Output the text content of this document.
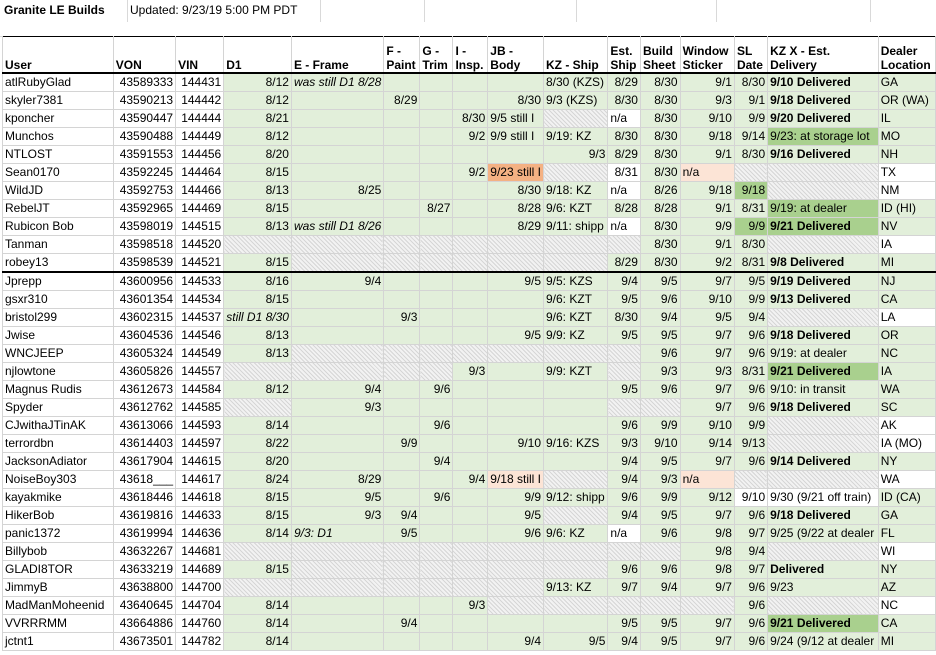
Granite LE Builds Updated: 9/23/19 5:00 PM PDT
User	VON	VIN	D1	E - Frame	F - Paint	G - Trim	I - Insp.	JB - Body	KZ - Ship	Est. Ship	Build Sheet	Window Sticker	SL Date	KZ X - Est. Delivery	Dealer Location
atlRubyGlad	43589333	144431	8/12	was still D1 8/28					8/30 (KZS)	8/29	8/30	9/1	8/30	9/10 Delivered	GA
skyler7381	43590213	144442	8/12		8/29			8/30	9/3 (KZS)	8/30	8/30	9/3	9/1	9/18 Delivered	OR (WA)
kponcher	43590447	144444	8/21				8/30	9/5 still I		n/a	8/30	9/10	9/9	9/20 Delivered	IL
Munchos	43590488	144449	8/12				9/2	9/9 still I	9/19: KZ	8/30	8/30	9/18	9/14	9/23: at storage lot	MO
NTLOST	43591553	144456	8/20						9/3	8/29	8/30	9/1	8/30	9/16 Delivered	NH
Sean0170	43592245	144464	8/15				9/2	9/23 still I		8/31	8/30	n/a			TX
WildJD	43592753	144466	8/13	8/25				8/30	9/18: KZ	n/a	8/26	9/18	9/18		NM
RebelJT	43592965	144469	8/15			8/27		8/28	9/6: KZT	8/28	8/28	9/1	8/31	9/19: at dealer	ID (HI)
Rubicon Bob	43598019	144515	8/13	was still D1 8/26				8/29	9/11: shipp	n/a	8/30	9/9	9/9	9/21 Delivered	NV
Tanman	43598518	144520									8/30	9/1	8/30		IA
robey13	43598539	144521	8/15							8/29	8/30	9/2	8/31	9/8 Delivered	MI
Jprepp	43600956	144533	8/16	9/4				9/5	9/5: KZS	9/4	9/5	9/7	9/5	9/19 Delivered	NJ
gsxr310	43601354	144534	8/15						9/6: KZT	9/5	9/6	9/10	9/9	9/13 Delivered	CA
bristol299	43602315	144537	still D1 8/30		9/3				9/6: KZT	8/30	9/4	9/5	9/4		LA
Jwise	43604536	144546	8/13					9/5	9/9: KZ	9/5	9/5	9/7	9/6	9/18 Delivered	OR
WNCJEEP	43605324	144549	8/13								9/6	9/7	9/6	9/19: at dealer	NC
njlowtone	43605826	144557					9/3		9/9: KZT		9/3	9/3	8/31	9/21 Delivered	IA
Magnus Rudis	43612673	144584	8/12	9/4		9/6				9/5	9/6	9/7	9/6	9/10: in transit	WA
Spyder	43612762	144585		9/3								9/7	9/6	9/18 Delivered	SC
CJwithaJTinAK	43613066	144593	8/14			9/6				9/6	9/9	9/10	9/9		AK
terrordbn	43614403	144597	8/22		9/9			9/10	9/16: KZS	9/3	9/10	9/14	9/13		IA (MO)
JacksonAdiator	43617904	144615	8/20			9/4				9/4	9/5	9/7	9/6	9/14 Delivered	NY
NoiseBoy303	43618___	144617	8/24	8/29			9/4	9/18 still I		9/4	9/3	n/a			WA
kayakmike	43618446	144618	8/15	9/5		9/6		9/9	9/12: shipp	9/6	9/9	9/12	9/10	9/30 (9/21 off train)	ID (CA)
HikerBob	43619816	144633	8/15	9/3	9/4			9/5		9/4	9/5	9/7	9/6	9/18 Delivered	GA
panic1372	43619994	144636	8/14	9/3: D1	9/5			9/6	9/6: KZ	n/a	9/6	9/8	9/7	9/25 (9/22 at dealer	FL
Billybob	43632267	144681										9/8	9/4		WI
GLADI8TOR	43633219	144689	8/15							9/6	9/6	9/8	9/7	Delivered	NY
JimmyB	43638800	144700							9/13: KZ	9/7	9/4	9/7	9/6	9/23	AZ
MadManMoheenid	43640645	144704	8/14				9/3						9/6		NC
VVRRRMM	43664886	144760	8/14		9/4					9/5	9/5	9/7	9/6	9/21 Delivered	CA
jctnt1	43673501	144782	8/14					9/4	9/5	9/4	9/5	9/7	9/6	9/24 (9/12 at dealer	MI
